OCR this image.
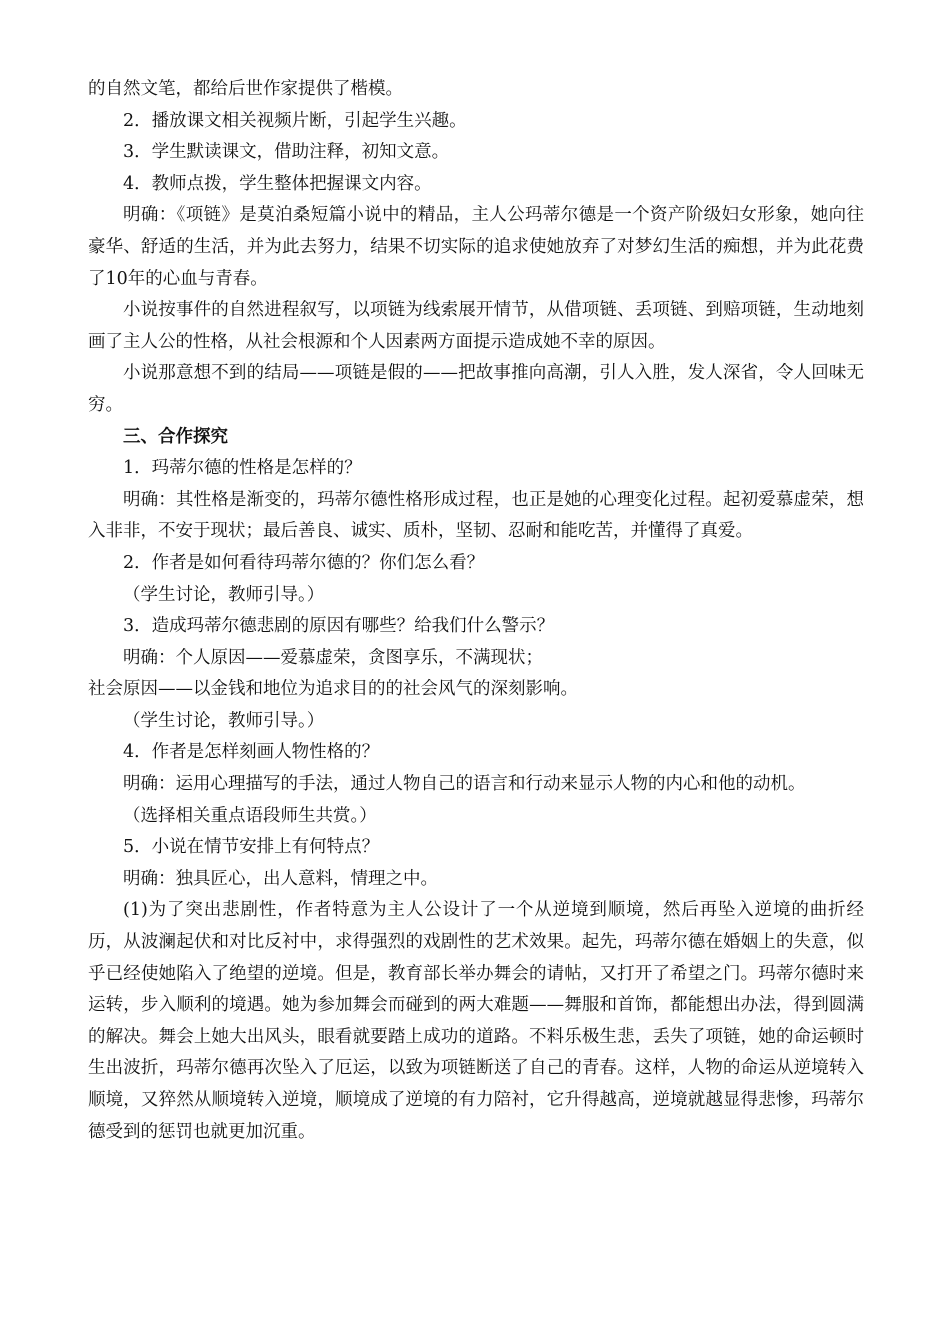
的自然文笔，都给后世作家提供了楷模。

2．播放课文相关视频片断，引起学生兴趣。

3．学生默读课文，借助注释，初知文意。

4．教师点拨，学生整体把握课文内容。

明确：《项链》是莫泊桑短篇小说中的精品，主人公玛蒂尔德是一个资产阶级妇女形象，她向往豪华、舒适的生活，并为此去努力，结果不切实际的追求使她放弃了对梦幻生活的痴想，并为此花费了10年的心血与青春。

小说按事件的自然进程叙写，以项链为线索展开情节，从借项链、丢项链、到赔项链，生动地刻画了主人公的性格，从社会根源和个人因素两方面提示造成她不幸的原因。

小说那意想不到的结局——项链是假的——把故事推向高潮，引人入胜，发人深省，令人回味无穷。

三、合作探究

1．玛蒂尔德的性格是怎样的？

明确：其性格是渐变的，玛蒂尔德性格形成过程，也正是她的心理变化过程。起初爱慕虚荣，想入非非，不安于现状；最后善良、诚实、质朴，坚韧、忍耐和能吃苦，并懂得了真爱。

2．作者是如何看待玛蒂尔德的？你们怎么看？

（学生讨论，教师引导。）

3．造成玛蒂尔德悲剧的原因有哪些？给我们什么警示？

明确：个人原因——爱慕虚荣，贪图享乐，不满现状；

社会原因——以金钱和地位为追求目的的社会风气的深刻影响。

（学生讨论，教师引导。）

4．作者是怎样刻画人物性格的？

明确：运用心理描写的手法，通过人物自己的语言和行动来显示人物的内心和他的动机。

（选择相关重点语段师生共赏。）

5．小说在情节安排上有何特点？

明确：独具匠心，出人意料，情理之中。

(1)为了突出悲剧性，作者特意为主人公设计了一个从逆境到顺境，然后再坠入逆境的曲折经历，从波澜起伏和对比反衬中，求得强烈的戏剧性的艺术效果。起先，玛蒂尔德在婚姻上的失意，似乎已经使她陷入了绝望的逆境。但是，教育部长举办舞会的请帖，又打开了希望之门。玛蒂尔德时来运转，步入顺利的境遇。她为参加舞会而碰到的两大难题——舞服和首饰，都能想出办法，得到圆满的解决。舞会上她大出风头，眼看就要踏上成功的道路。不料乐极生悲，丢失了项链，她的命运顿时生出波折，玛蒂尔德再次坠入了厄运，以致为项链断送了自己的青春。这样，人物的命运从逆境转入顺境，又猝然从顺境转入逆境，顺境成了逆境的有力陪衬，它升得越高，逆境就越显得悲惨，玛蒂尔德受到的惩罚也就更加沉重。
